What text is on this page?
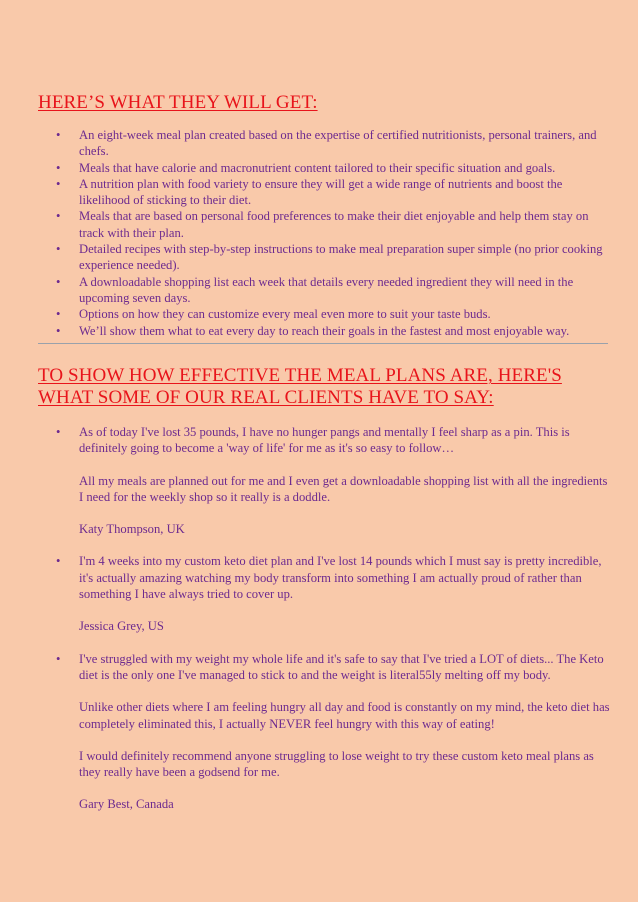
HERE’S WHAT THEY WILL GET:
• An eight-week meal plan created based on the expertise of certified nutritionists, personal trainers, and chefs.
• Meals that have calorie and macronutrient content tailored to their specific situation and goals.
• A nutrition plan with food variety to ensure they will get a wide range of nutrients and boost the likelihood of sticking to their diet.
• Meals that are based on personal food preferences to make their diet enjoyable and help them stay on track with their plan.
• Detailed recipes with step-by-step instructions to make meal preparation super simple (no prior cooking experience needed).
• A downloadable shopping list each week that details every needed ingredient they will need in the upcoming seven days.
• Options on how they can customize every meal even more to suit your taste buds.
• We’ll show them what to eat every day to reach their goals in the fastest and most enjoyable way.
TO SHOW HOW EFFECTIVE THE MEAL PLANS ARE, HERE'S WHAT SOME OF OUR REAL CLIENTS HAVE TO SAY:
• As of today I've lost 35 pounds, I have no hunger pangs and mentally I feel sharp as a pin. This is definitely going to become a 'way of life' for me as it's so easy to follow…

All my meals are planned out for me and I even get a downloadable shopping list with all the ingredients I need for the weekly shop so it really is a doddle.

Katy Thompson, UK

• I'm 4 weeks into my custom keto diet plan and I've lost 14 pounds which I must say is pretty incredible, it's actually amazing watching my body transform into something I am actually proud of rather than something I have always tried to cover up.

Jessica Grey, US

• I've struggled with my weight my whole life and it's safe to say that I've tried a LOT of diets... The Keto diet is the only one I've managed to stick to and the weight is literal55ly melting off my body.

Unlike other diets where I am feeling hungry all day and food is constantly on my mind, the keto diet has completely eliminated this, I actually NEVER feel hungry with this way of eating!

I would definitely recommend anyone struggling to lose weight to try these custom keto meal plans as they really have been a godsend for me.

Gary Best, Canada
